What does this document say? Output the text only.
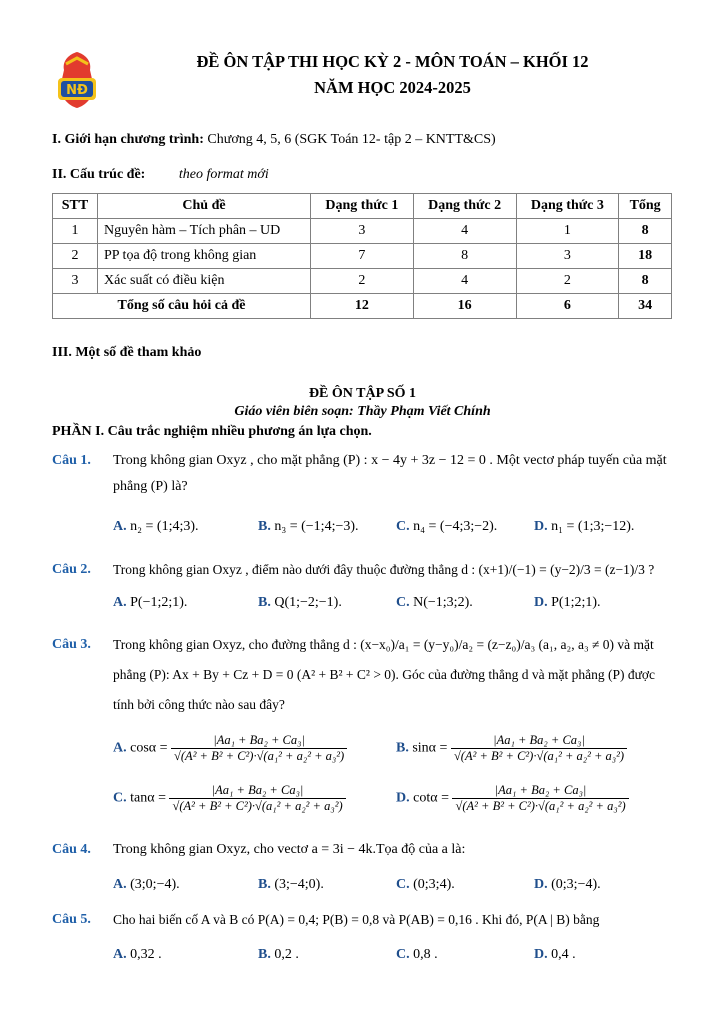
NĐ
ĐỀ ÔN TẬP THI HỌC KỲ 2 - MÔN TOÁN – KHỐI 12
NĂM HỌC 2024-2025
I. Giới hạn chương trình: Chương 4, 5, 6 (SGK Toán 12- tập 2 – KNTT&CS)
II. Cấu trúc đề: theo format mới
STT	Chủ đề	Dạng thức 1	Dạng thức 2	Dạng thức 3	Tổng
1	Nguyên hàm – Tích phân – UD	3	4	1	8
2	PP tọa độ trong không gian	7	8	3	18
3	Xác suất có điều kiện	2	4	2	8
Tổng số câu hỏi cả đề		12	16	6	34
III. Một số đề tham khảo
ĐỀ ÔN TẬP SỐ 1
Giáo viên biên soạn: Thầy Phạm Viết Chính
PHẦN I. Câu trắc nghiệm nhiều phương án lựa chọn.
Câu 1. Trong không gian Oxyz , cho mặt phẳng (P) : x − 4y + 3z − 12 = 0 . Một vectơ pháp tuyến của mặt phẳng (P) là?
A. n₂ = (1;4;3).	B. n₃ = (−1;4;−3).	C. n₄ = (−4;3;−2).	D. n₁ = (1;3;−12).
Câu 2. Trong không gian Oxyz , điểm nào dưới đây thuộc đường thẳng d : (x+1)/(−1) = (y−2)/3 = (z−1)/3 ?
A. P(−1;2;1).	B. Q(1;−2;−1).	C. N(−1;3;2).	D. P(1;2;1).
Câu 3. Trong không gian Oxyz, cho đường thẳng d : (x−x₀)/a₁ = (y−y₀)/a₂ = (z−z₀)/a₃ (a₁, a₂, a₃ ≠ 0) và mặt phẳng (P): Ax + By + Cz + D = 0 (A² + B² + C² > 0). Góc của đường thẳng d và mặt phẳng (P) được tính bởi công thức nào sau đây?
A. $\cos\alpha = \frac{\text{|Aa₁ + Ba₂ + Ca₃|}}{\text{√(A² + B² + C²)·√(a₁² + a₂² + a₃²)}}$	B. $\sin\alpha = \frac{\text{|Aa₁ + Ba₂ + Ca₃|}}{\text{√(A² + B² + C²)·√(a₁² + a₂² + a₃²)}}$
C. $\tan\alpha = \frac{\text{|Aa₁ + Ba₂ + Ca₃|}}{\text{√(A² + B² + C²)·√(a₁² + a₂² + a₃²)}}$	D. $\cot\alpha = \frac{\text{|Aa₁ + Ba₂ + Ca₃|}}{\text{√(A² + B² + C²)·√(a₁² + a₂² + a₃²)}}$
Câu 4. Trong không gian Oxyz, cho vectơ a = 3i − 4k.Tọa độ của a là:
A. (3;0;−4).	B. (3;−4;0).	C. (0;3;4).	D. (0;3;−4).
Câu 5. Cho hai biến cố A và B có P(A) = 0,4; P(B) = 0,8 và P(AB) = 0,16 . Khi đó, P(A | B) bằng
A. 0,32 .	B. 0,2 .	C. 0,8 .	D. 0,4 .
